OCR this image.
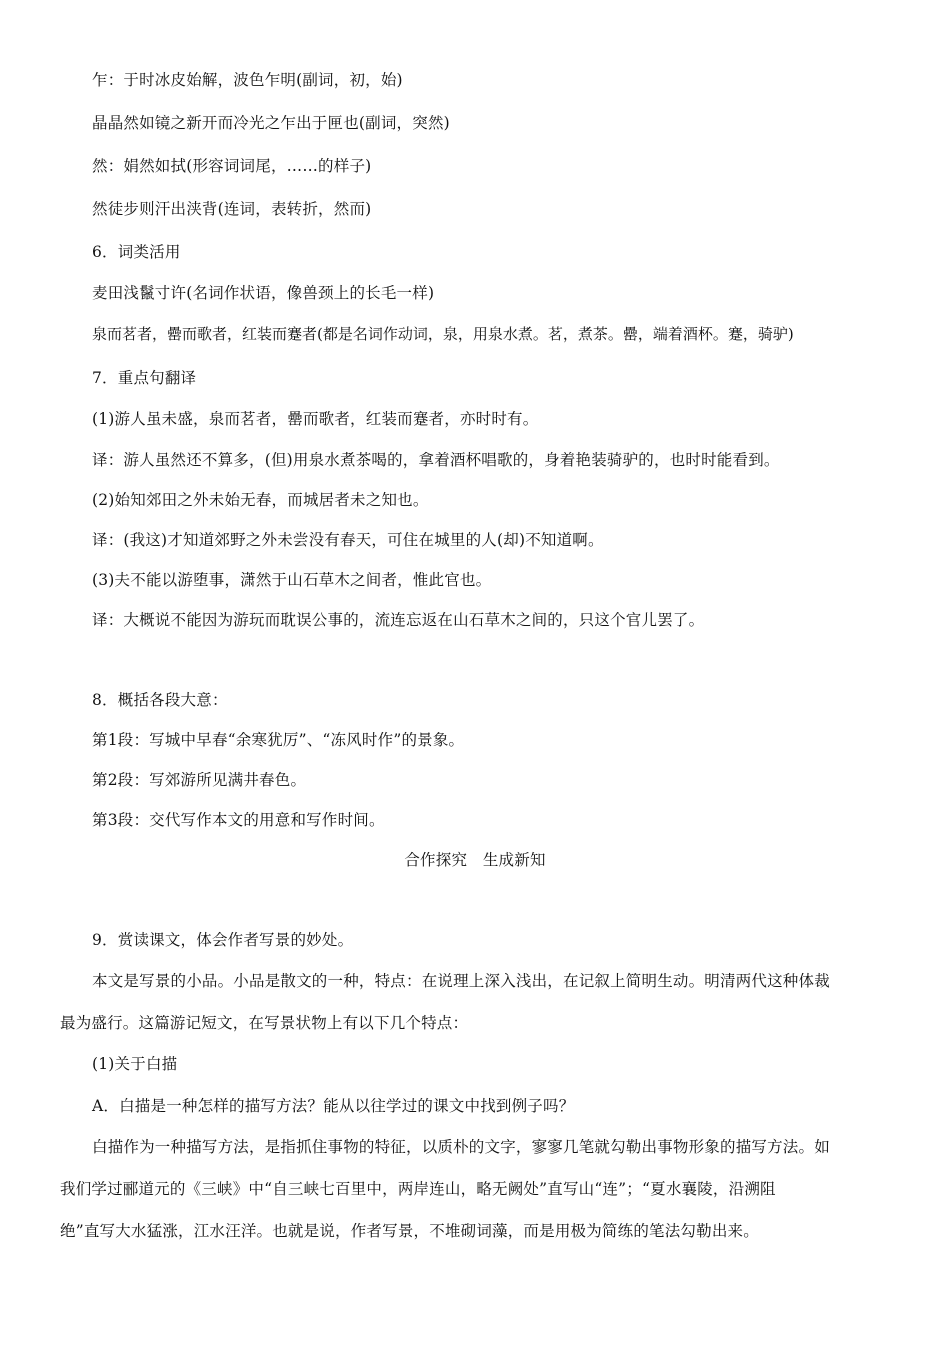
乍：于时冰皮始解，波色乍明(副词，初，始)
晶晶然如镜之新开而冷光之乍出于匣也(副词，突然)
然：娟然如拭(形容词词尾，……的样子)
然徒步则汗出浃背(连词，表转折，然而)
6．词类活用
麦田浅鬣寸许(名词作状语，像兽颈上的长毛一样)
泉而茗者，罍而歌者，红装而蹇者(都是名词作动词，泉，用泉水煮。茗，煮茶。罍，端着酒杯。蹇，骑驴)
7．重点句翻译
(1)游人虽未盛，泉而茗者，罍而歌者，红装而蹇者，亦时时有。
译：游人虽然还不算多，(但)用泉水煮茶喝的，拿着酒杯唱歌的，身着艳装骑驴的，也时时能看到。
(2)始知郊田之外未始无春，而城居者未之知也。
译：(我这)才知道郊野之外未尝没有春天，可住在城里的人(却)不知道啊。
(3)夫不能以游堕事，潇然于山石草木之间者，惟此官也。
译：大概说不能因为游玩而耽误公事的，流连忘返在山石草木之间的，只这个官儿罢了。
8．概括各段大意：
第1段：写城中早春“余寒犹厉”、“冻风时作”的景象。
第2段：写郊游所见满井春色。
第3段：交代写作本文的用意和写作时间。
合作探究　生成新知
9．赏读课文，体会作者写景的妙处。
本文是写景的小品。小品是散文的一种，特点：在说理上深入浅出，在记叙上简明生动。明清两代这种体裁
最为盛行。这篇游记短文，在写景状物上有以下几个特点：
(1)关于白描
A．白描是一种怎样的描写方法？能从以往学过的课文中找到例子吗？
白描作为一种描写方法，是指抓住事物的特征，以质朴的文字，寥寥几笔就勾勒出事物形象的描写方法。如
我们学过郦道元的《三峡》中“自三峡七百里中，两岸连山，略无阙处”直写山“连”；“夏水襄陵，沿溯阻
绝”直写大水猛涨，江水汪洋。也就是说，作者写景，不堆砌词藻，而是用极为简练的笔法勾勒出来。
